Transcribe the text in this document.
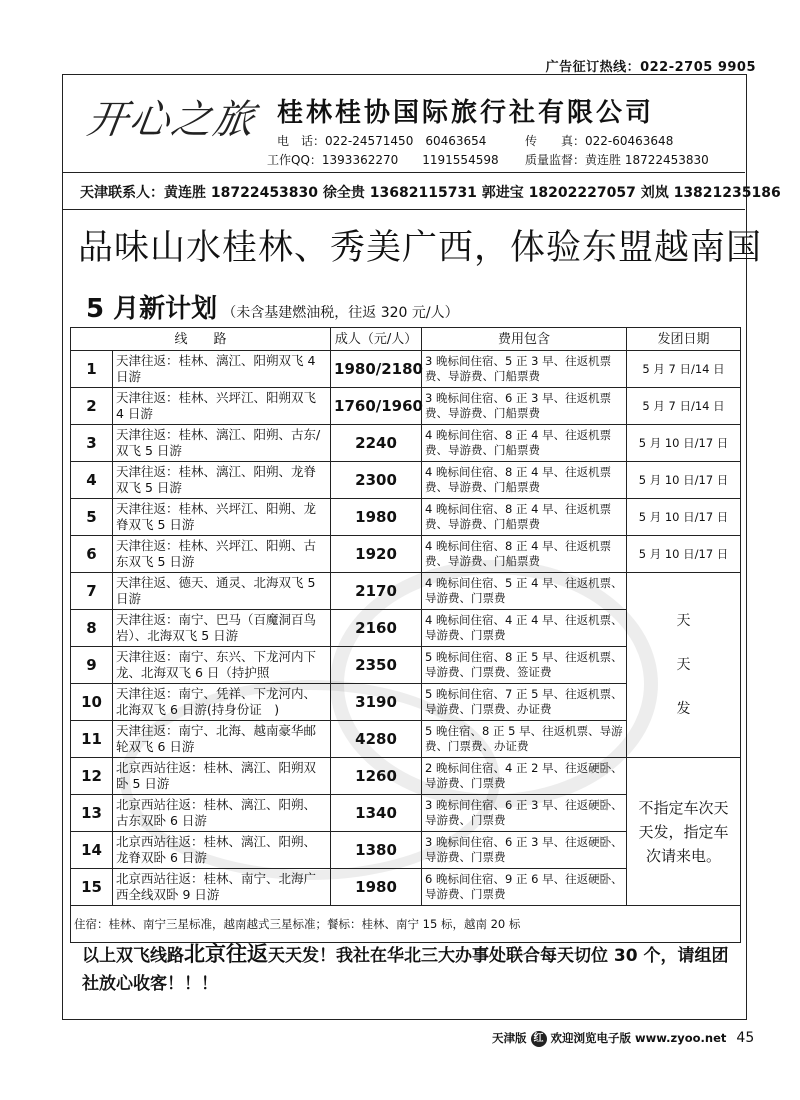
广告征订热线：022-2705 9905
开心之旅 桂林桂协国际旅行社有限公司
电　话：022-24571450　60463654	传　　真：022-60463648
工作QQ：1393362270　　1191554598 质量监督：黄连胜 18722453830
天津联系人：黄连胜 18722453830 徐全贵 13682115731 郭进宝 18202227057 刘岚 13821235186
品味山水桂林、秀美广西，体验东盟越南国
5 月新计划 （未含基建燃油税，往返 320 元/人）
线　　路		成人（元/人）	费用包含	发团日期
1	天津往返：桂林、漓江、阳朔双飞 4 日游	1980/2180	3 晚标间住宿、5 正 3 早、往返机票费、导游费、门船票费	5 月 7 日/14 日
2	天津往返：桂林、兴坪江、阳朔双飞 4 日游	1760/1960	3 晚标间住宿、6 正 3 早、往返机票费、导游费、门船票费	5 月 7 日/14 日
3	天津往返：桂林、漓江、阳朔、古东/双飞 5 日游	2240	4 晚标间住宿、8 正 4 早、往返机票费、导游费、门船票费	5 月 10 日/17 日
4	天津往返：桂林、漓江、阳朔、龙脊双飞 5 日游	2300	4 晚标间住宿、8 正 4 早、往返机票费、导游费、门船票费	5 月 10 日/17 日
5	天津往返：桂林、兴坪江、阳朔、龙脊双飞 5 日游	1980	4 晚标间住宿、8 正 4 早、往返机票费、导游费、门船票费	5 月 10 日/17 日
6	天津往返：桂林、兴坪江、阳朔、古东双飞 5 日游	1920	4 晚标间住宿、8 正 4 早、往返机票费、导游费、门船票费	5 月 10 日/17 日
7	天津往返、德天、通灵、北海双飞 5 日游	2170	4 晚标间住宿、5 正 4 早、往返机票、导游费、门票费	天
天
发
8	天津往返：南宁、巴马（百魔洞百鸟岩）、北海双飞 5 日游	2160	4 晚标间住宿、4 正 4 早、往返机票、导游费、门票费	
9	天津往返：南宁、东兴、下龙河内下龙、北海双飞 6 日（持护照	2350	5 晚标间住宿、8 正 5 早、往返机票、导游费、门票费、签证费	
10	天津往返：南宁、凭祥、下龙河内、北海双飞 6 日游(持身份证　)	3190	5 晚标间住宿、7 正 5 早、往返机票、导游费、门票费、办证费	
11	天津往返：南宁、北海、越南豪华邮轮双飞 6 日游	4280	5 晚住宿、8 正 5 早、往返机票、导游费、门票费、办证费	
12	北京西站往返：桂林、漓江、阳朔双卧 5 日游	1260	2 晚标间住宿、4 正 2 早、往返硬卧、导游费、门票费	不指定车次天天发，指定车次请来电。
13	北京西站往返：桂林、漓江、阳朔、古东双卧 6 日游	1340	3 晚标间住宿、6 正 3 早、往返硬卧、导游费、门票费	
14	北京西站往返：桂林、漓江、阳朔、龙脊双卧 6 日游	1380	3 晚标间住宿、6 正 3 早、往返硬卧、导游费、门票费	
15	北京西站往返：桂林、南宁、北海广西全线双卧 9 日游	1980	6 晚标间住宿、9 正 6 早、往返硬卧、导游费、门票费	
住宿：桂林、南宁三星标准，越南越式三星标准；餐标：桂林、南宁 15 标，越南 20 标				
以上双飞线路北京往返天天发！我社在华北三大办事处联合每天切位 30 个，请组团社放心收客！！！
天津版 红 欢迎浏览电子版 www.zyoo.net 45
